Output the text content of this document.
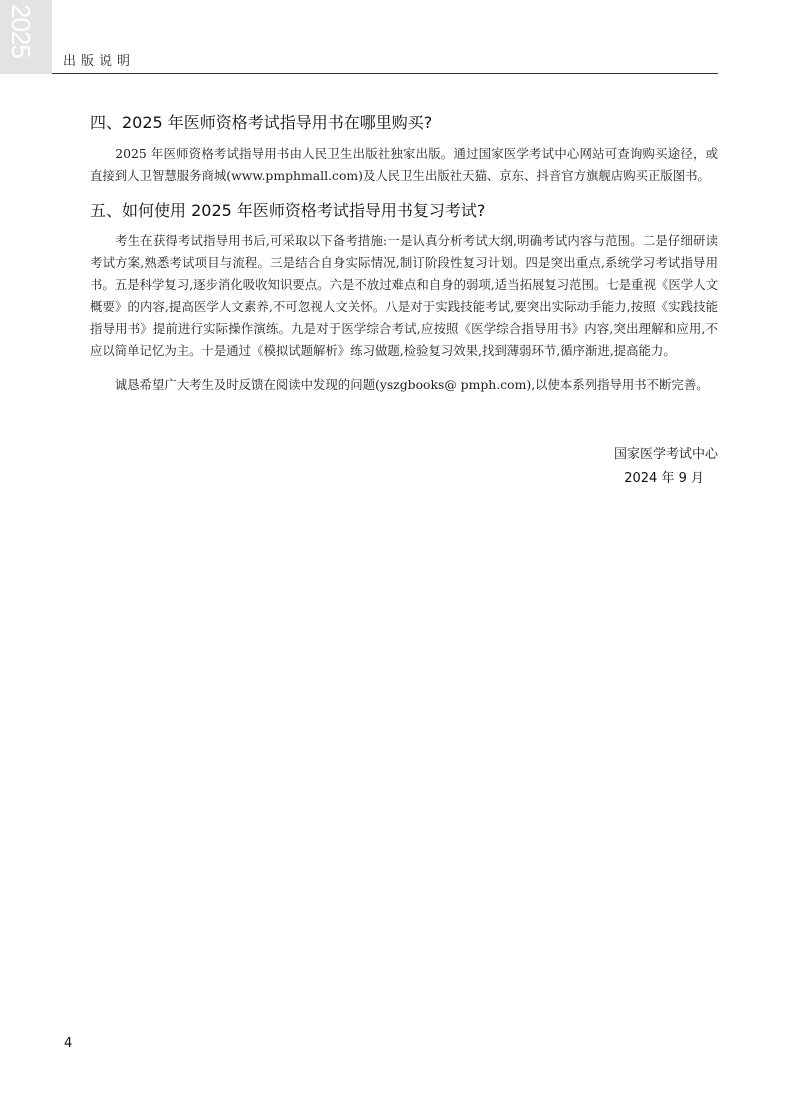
2025
出版说明
四、2025 年医师资格考试指导用书在哪里购买?

　　2025 年医师资格考试指导用书由人民卫生出版社独家出版。通过国家医学考试中心网站可查询购买途径，或直接到人卫智慧服务商城(www.pmphmall.com)及人民卫生出版社天猫、京东、抖音官方旗舰店购买正版图书。

五、如何使用 2025 年医师资格考试指导用书复习考试?

　　考生在获得考试指导用书后,可采取以下备考措施:一是认真分析考试大纲,明确考试内容与范围。二是仔细研读考试方案,熟悉考试项目与流程。三是结合自身实际情况,制订阶段性复习计划。四是突出重点,系统学习考试指导用书。五是科学复习,逐步消化吸收知识要点。六是不放过难点和自身的弱项,适当拓展复习范围。七是重视《医学人文概要》的内容,提高医学人文素养,不可忽视人文关怀。八是对于实践技能考试,要突出实际动手能力,按照《实践技能指导用书》提前进行实际操作演练。九是对于医学综合考试,应按照《医学综合指导用书》内容,突出理解和应用,不应以简单记忆为主。十是通过《模拟试题解析》练习做题,检验复习效果,找到薄弱环节,循序渐进,提高能力。

　　诚恳希望广大考生及时反馈在阅读中发现的问题(yszgbooks@ pmph.com),以使本系列指导用书不断完善。

国家医学考试中心
2024 年 9 月
4
